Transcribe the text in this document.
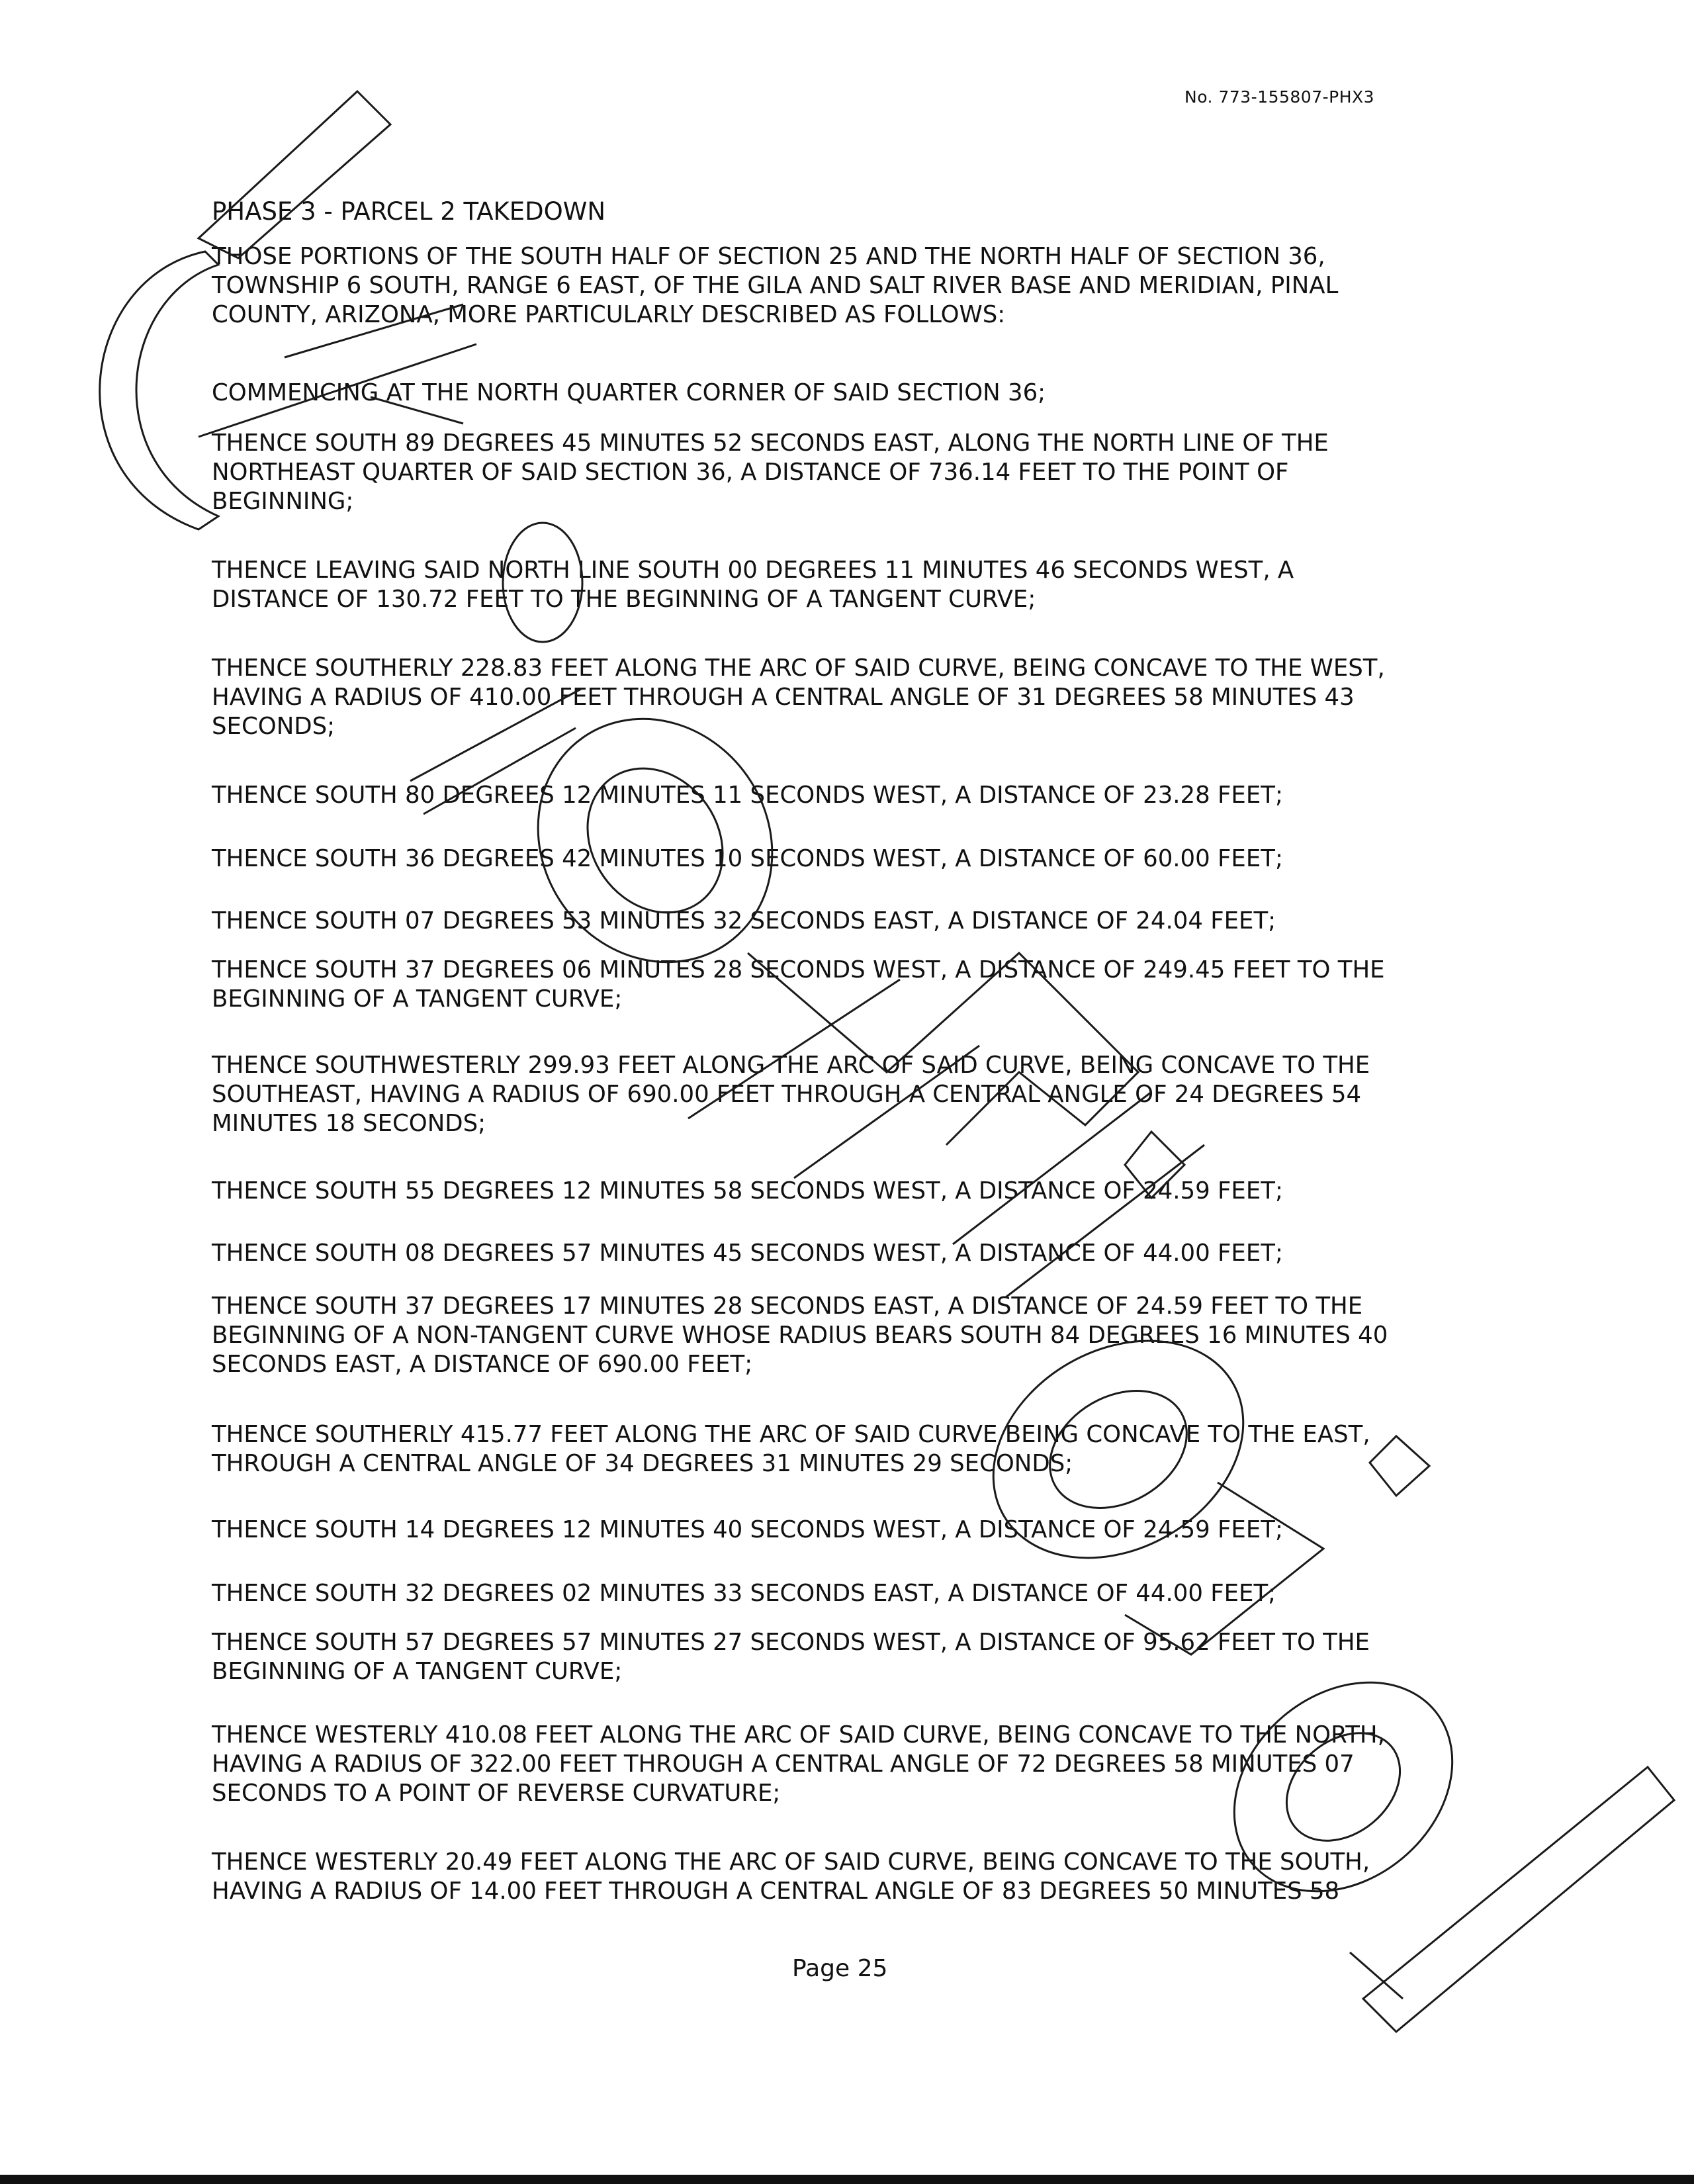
No. 773-155807-PHX3
PHASE 3 - PARCEL 2 TAKEDOWN

THOSE PORTIONS OF THE SOUTH HALF OF SECTION 25 AND THE NORTH HALF OF SECTION 36,
TOWNSHIP 6 SOUTH, RANGE 6 EAST, OF THE GILA AND SALT RIVER BASE AND MERIDIAN, PINAL
COUNTY, ARIZONA, MORE PARTICULARLY DESCRIBED AS FOLLOWS:

COMMENCING AT THE NORTH QUARTER CORNER OF SAID SECTION 36;

THENCE SOUTH 89 DEGREES 45 MINUTES 52 SECONDS EAST, ALONG THE NORTH LINE OF THE
NORTHEAST QUARTER OF SAID SECTION 36, A DISTANCE OF 736.14 FEET TO THE POINT OF
BEGINNING;

THENCE LEAVING SAID NORTH LINE SOUTH 00 DEGREES 11 MINUTES 46 SECONDS WEST, A
DISTANCE OF 130.72 FEET TO THE BEGINNING OF A TANGENT CURVE;

THENCE SOUTHERLY 228.83 FEET ALONG THE ARC OF SAID CURVE, BEING CONCAVE TO THE WEST,
HAVING A RADIUS OF 410.00 FEET THROUGH A CENTRAL ANGLE OF 31 DEGREES 58 MINUTES 43
SECONDS;

THENCE SOUTH 80 DEGREES 12 MINUTES 11 SECONDS WEST, A DISTANCE OF 23.28 FEET;

THENCE SOUTH 36 DEGREES 42 MINUTES 10 SECONDS WEST, A DISTANCE OF 60.00 FEET;

THENCE SOUTH 07 DEGREES 53 MINUTES 32 SECONDS EAST, A DISTANCE OF 24.04 FEET;

THENCE SOUTH 37 DEGREES 06 MINUTES 28 SECONDS WEST, A DISTANCE OF 249.45 FEET TO THE
BEGINNING OF A TANGENT CURVE;

THENCE SOUTHWESTERLY 299.93 FEET ALONG THE ARC OF SAID CURVE, BEING CONCAVE TO THE
SOUTHEAST, HAVING A RADIUS OF 690.00 FEET THROUGH A CENTRAL ANGLE OF 24 DEGREES 54
MINUTES 18 SECONDS;

THENCE SOUTH 55 DEGREES 12 MINUTES 58 SECONDS WEST, A DISTANCE OF 24.59 FEET;

THENCE SOUTH 08 DEGREES 57 MINUTES 45 SECONDS WEST, A DISTANCE OF 44.00 FEET;

THENCE SOUTH 37 DEGREES 17 MINUTES 28 SECONDS EAST, A DISTANCE OF 24.59 FEET TO THE
BEGINNING OF A NON-TANGENT CURVE WHOSE RADIUS BEARS SOUTH 84 DEGREES 16 MINUTES 40
SECONDS EAST, A DISTANCE OF 690.00 FEET;

THENCE SOUTHERLY 415.77 FEET ALONG THE ARC OF SAID CURVE BEING CONCAVE TO THE EAST,
THROUGH A CENTRAL ANGLE OF 34 DEGREES 31 MINUTES 29 SECONDS;

THENCE SOUTH 14 DEGREES 12 MINUTES 40 SECONDS WEST, A DISTANCE OF 24.59 FEET;

THENCE SOUTH 32 DEGREES 02 MINUTES 33 SECONDS EAST, A DISTANCE OF 44.00 FEET;

THENCE SOUTH 57 DEGREES 57 MINUTES 27 SECONDS WEST, A DISTANCE OF 95.62 FEET TO THE
BEGINNING OF A TANGENT CURVE;

THENCE WESTERLY 410.08 FEET ALONG THE ARC OF SAID CURVE, BEING CONCAVE TO THE NORTH,
HAVING A RADIUS OF 322.00 FEET THROUGH A CENTRAL ANGLE OF 72 DEGREES 58 MINUTES 07
SECONDS TO A POINT OF REVERSE CURVATURE;

THENCE WESTERLY 20.49 FEET ALONG THE ARC OF SAID CURVE, BEING CONCAVE TO THE SOUTH,
HAVING A RADIUS OF 14.00 FEET THROUGH A CENTRAL ANGLE OF 83 DEGREES 50 MINUTES 58

Page 25
